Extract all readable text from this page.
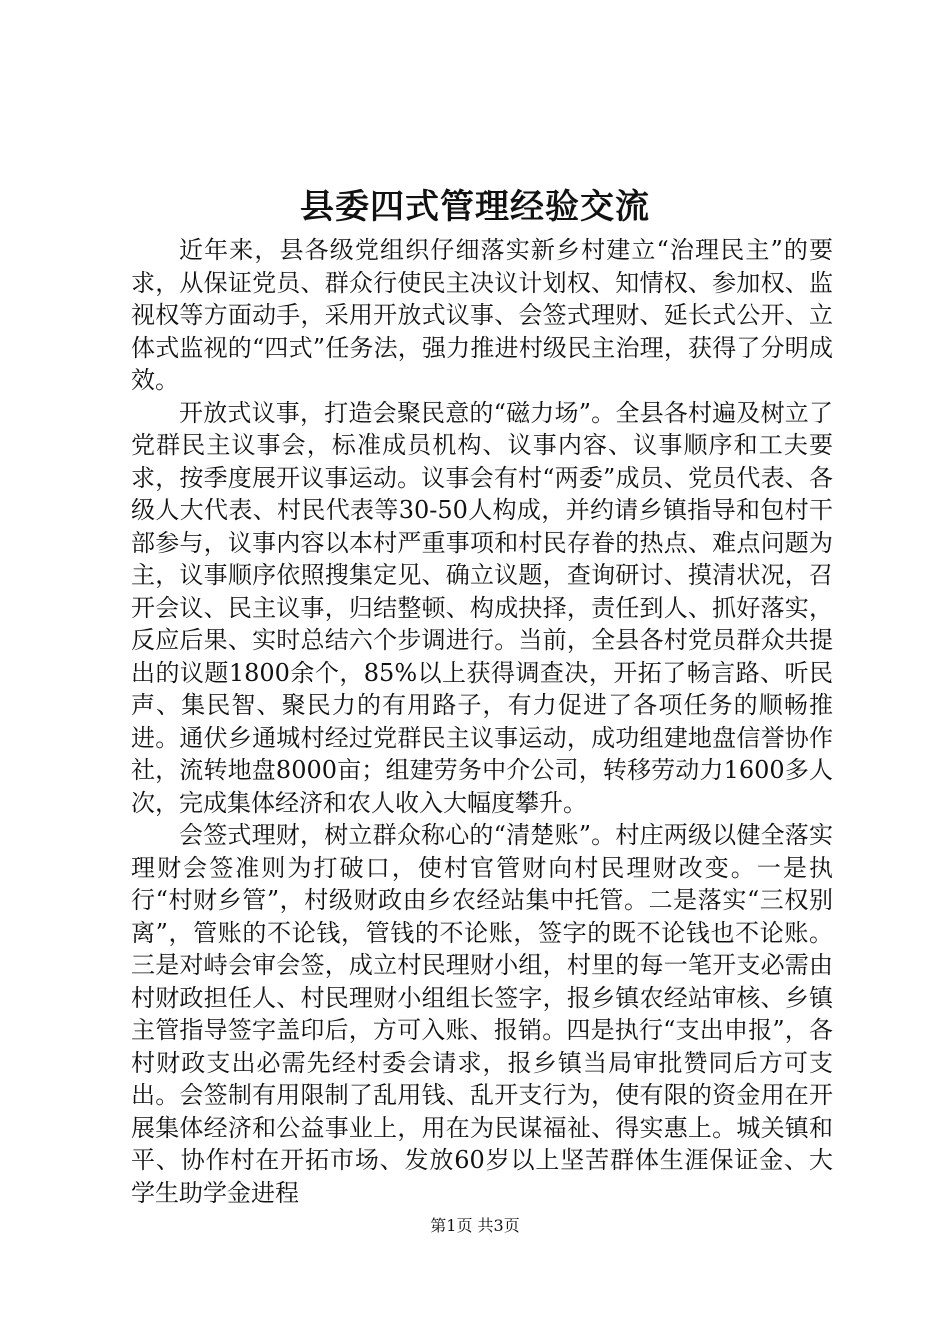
县委四式管理经验交流

近年来，县各级党组织仔细落实新乡村建立“治理民主”的要求，从保证党员、群众行使民主决议计划权、知情权、参加权、监视权等方面动手，采用开放式议事、会签式理财、延长式公开、立体式监视的“四式”任务法，强力推进村级民主治理，获得了分明成效。

开放式议事，打造会聚民意的“磁力场”。全县各村遍及树立了党群民主议事会，标准成员机构、议事内容、议事顺序和工夫要求，按季度展开议事运动。议事会有村“两委”成员、党员代表、各级人大代表、村民代表等30-50人构成，并约请乡镇指导和包村干部参与，议事内容以本村严重事项和村民存眷的热点、难点问题为主，议事顺序依照搜集定见、确立议题，查询研讨、摸清状况，召开会议、民主议事，归结整顿、构成抉择，责任到人、抓好落实，反应后果、实时总结六个步调进行。当前，全县各村党员群众共提出的议题1800余个，85%以上获得调查决，开拓了畅言路、听民声、集民智、聚民力的有用路子，有力促进了各项任务的顺畅推进。通伏乡通城村经过党群民主议事运动，成功组建地盘信誉协作社，流转地盘8000亩；组建劳务中介公司，转移劳动力1600多人次，完成集体经济和农人收入大幅度攀升。

会签式理财，树立群众称心的“清楚账”。村庄两级以健全落实理财会签准则为打破口，使村官管财向村民理财改变。一是执行“村财乡管”，村级财政由乡农经站集中托管。二是落实“三权别离”，管账的不论钱，管钱的不论账，签字的既不论钱也不论账。三是对峙会审会签，成立村民理财小组，村里的每一笔开支必需由村财政担任人、村民理财小组组长签字，报乡镇农经站审核、乡镇主管指导签字盖印后，方可入账、报销。四是执行“支出申报”，各村财政支出必需先经村委会请求，报乡镇当局审批赞同后方可支出。会签制有用限制了乱用钱、乱开支行为，使有限的资金用在开展集体经济和公益事业上，用在为民谋福祉、得实惠上。城关镇和平、协作村在开拓市场、发放60岁以上坚苦群体生涯保证金、大学生助学金进程

第1页 共3页
